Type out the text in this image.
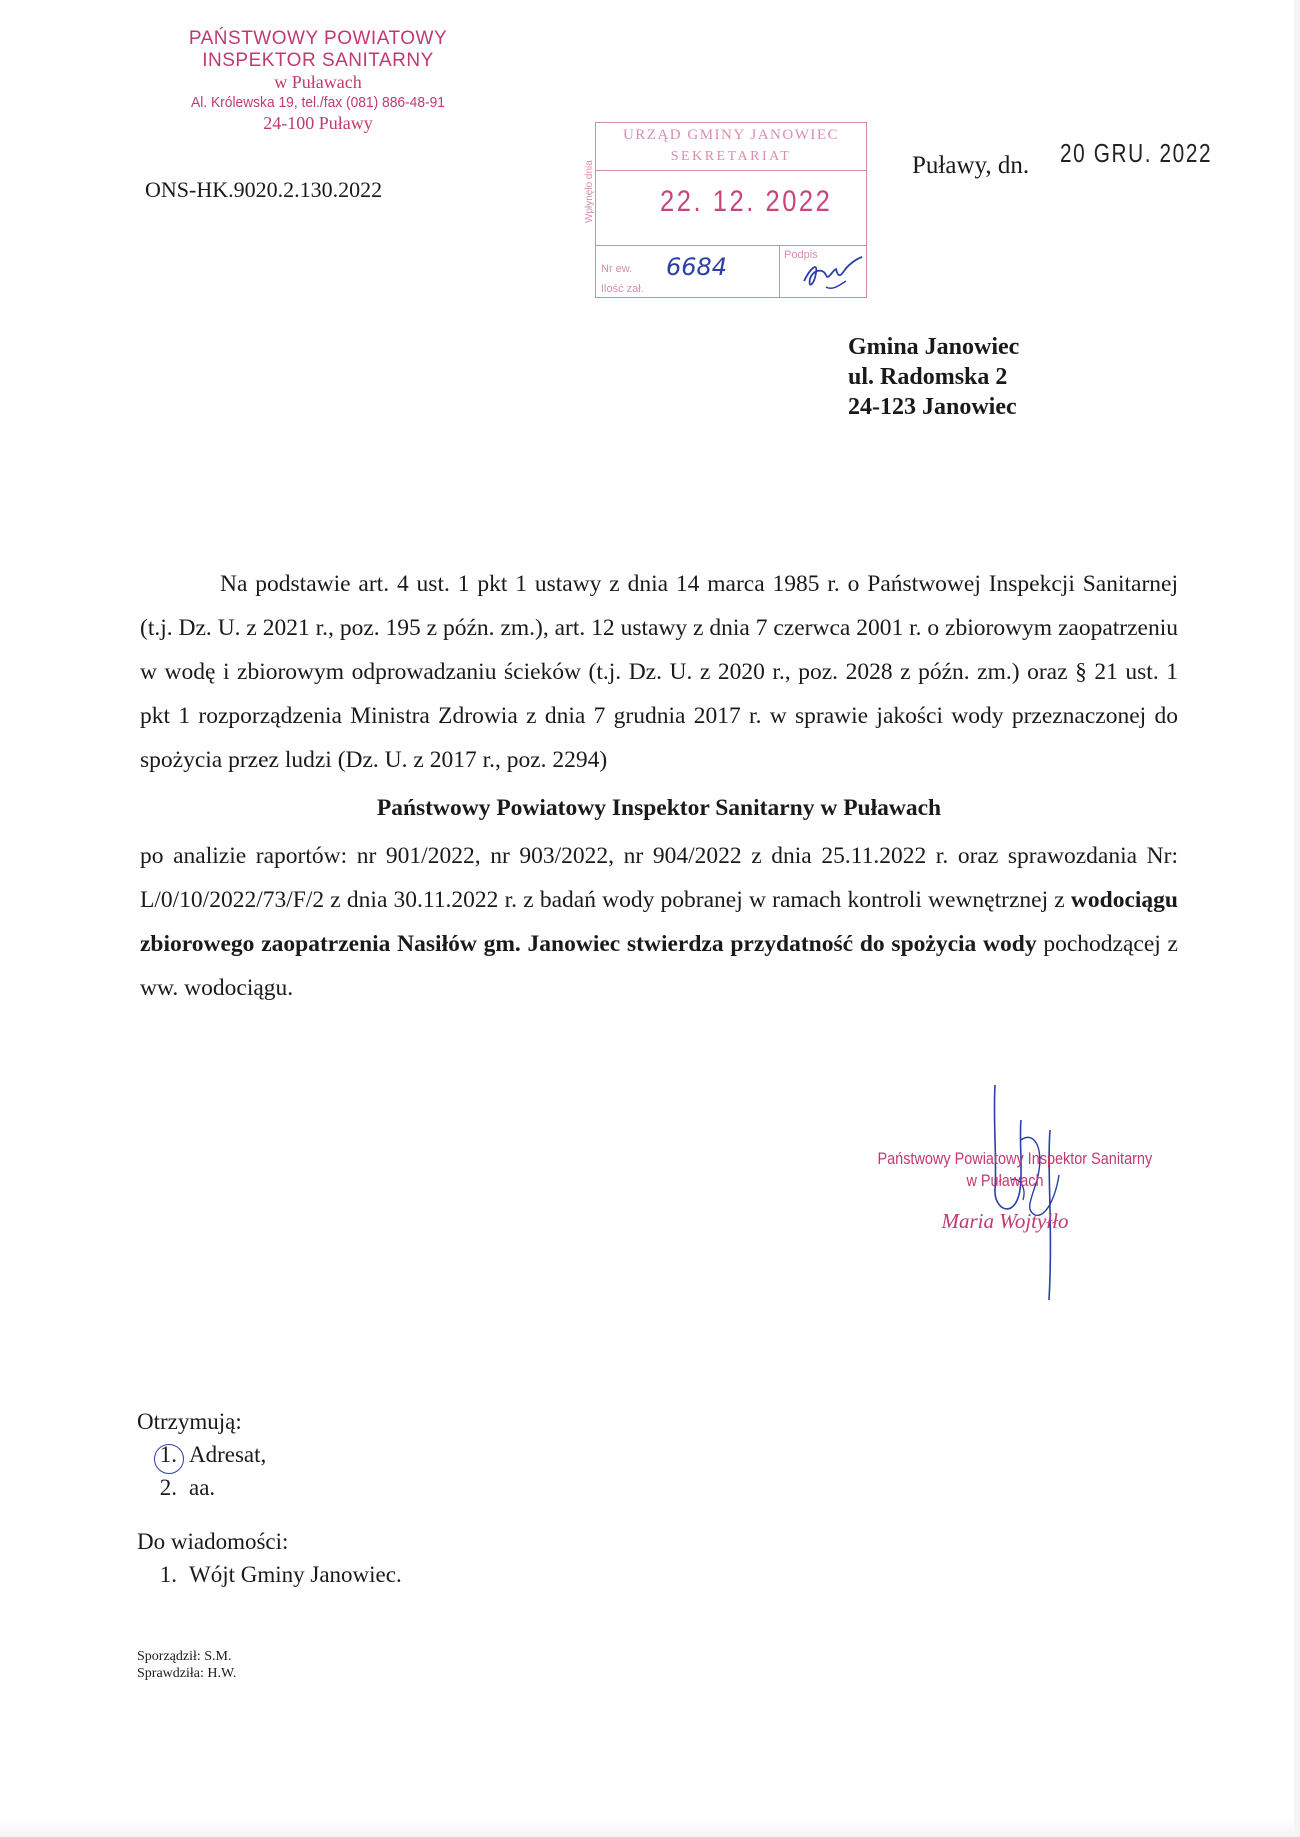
PAŃSTWOWY POWIATOWY
INSPEKTOR SANITARNY
w Puławach
Al. Królewska 19, tel./fax (081) 886-48-91
24-100 Puławy
ONS-HK.9020.2.130.2022
URZĄD GMINY JANOWIEC
SEKRETARIAT
Wpłynęło dnia 22. 12. 2022
Nr ew. 6684	Podpis
Ilość zał.
Puławy, dn. 20 GRU. 2022
Gmina Janowiec
ul. Radomska 2
24-123 Janowiec

Na podstawie art. 4 ust. 1 pkt 1 ustawy z dnia 14 marca 1985 r. o Państwowej Inspekcji Sanitarnej (t.j. Dz. U. z 2021 r., poz. 195 z późn. zm.), art. 12 ustawy z dnia 7 czerwca 2001 r. o zbiorowym zaopatrzeniu w wodę i zbiorowym odprowadzaniu ścieków (t.j. Dz. U. z 2020 r., poz. 2028 z późn. zm.) oraz § 21 ust. 1 pkt 1 rozporządzenia Ministra Zdrowia z dnia 7 grudnia 2017 r. w sprawie jakości wody przeznaczonej do spożycia przez ludzi (Dz. U. z 2017 r., poz. 2294)

Państwowy Powiatowy Inspektor Sanitarny w Puławach

po analizie raportów: nr 901/2022, nr 903/2022, nr 904/2022 z dnia 25.11.2022 r. oraz sprawozdania Nr: L/0/10/2022/73/F/2 z dnia 30.11.2022 r. z badań wody pobranej w ramach kontroli wewnętrznej z wodociągu zbiorowego zaopatrzenia Nasiłów gm. Janowiec stwierdza przydatność do spożycia wody pochodzącej z ww. wodociągu.

Państwowy Powiatowy Inspektor Sanitarny
w Puławach
Maria Wojtyłło
Otrzymują:
1. Adresat,
2. aa.
Do wiadomości:
1. Wójt Gminy Janowiec.
Sporządził: S.M.
Sprawdziła: H.W.
